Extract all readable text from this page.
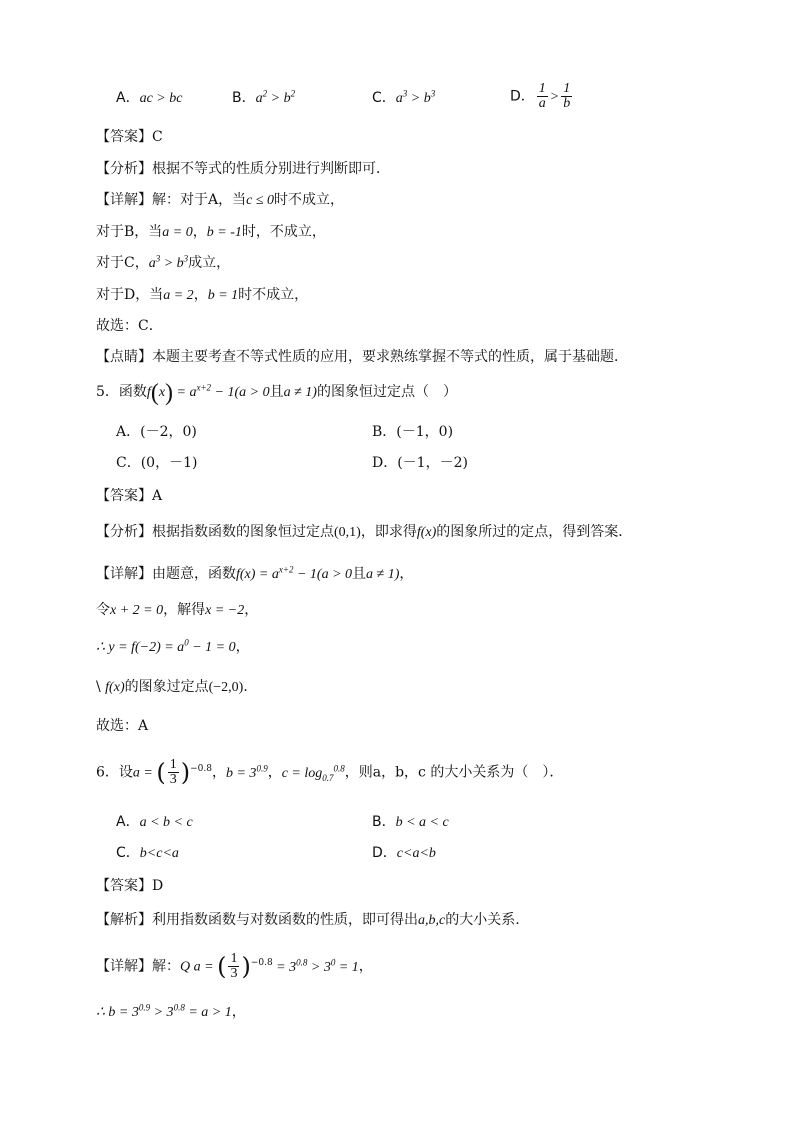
A．ac > bc	B．$a^2 > b^2$	C．$a^3 > b^3$	D． $\frac{1}{a} > \frac{1}{b}$
【答案】C
【分析】根据不等式的性质分别进行判断即可．
【详解】解：对于A，当c ≤ 0时不成立，
对于B，当a = 0，b = -1时，不成立，
对于C，$a^3 > b^3$成立，
对于D，当a = 2，b = 1时不成立，
故选：C．
【点睛】本题主要考查不等式性质的应用，要求熟练掌握不等式的性质，属于基础题．
5．函数$f(x) = a^{x+2} - 1(a > 0$且a ≠ 1)的图象恒过定点（　）
A．(－2，0)	B．(－1，0)
C．(0，－1)	D．(－1，－2)
【答案】A
【分析】根据指数函数的图象恒过定点(0,1)，即求得f(x)的图象所过的定点，得到答案．
【详解】由题意，函数$f(x) = a^{x+2} - 1(a > 0$且a ≠ 1)，
令x + 2 = 0，解得x = −2，
∴ $y = f(-2) = a^0 - 1 = 0$，
\ f(x)的图象过定点(−2,0)．
故选：A
6．设a = ( $\frac{1}{3} )^{-0.8}$，$b = 3^{0.9}$，$c = \log_{0.7}^{0.8}$，则a，b，c 的大小关系为（　）．
A．a < b < c	B．b < a < c
C．b<c<a	D．c<a<b
【答案】D
【解析】利用指数函数与对数函数的性质，即可得出a,b,c的大小关系.
【详解】解：Q a = ( $\frac{1}{3} )^{-0.8} = 3^{0.8} > 3^0 = 1$，
∴ $b = 3^{0.9} > 3^{0.8} = a > 1$，
